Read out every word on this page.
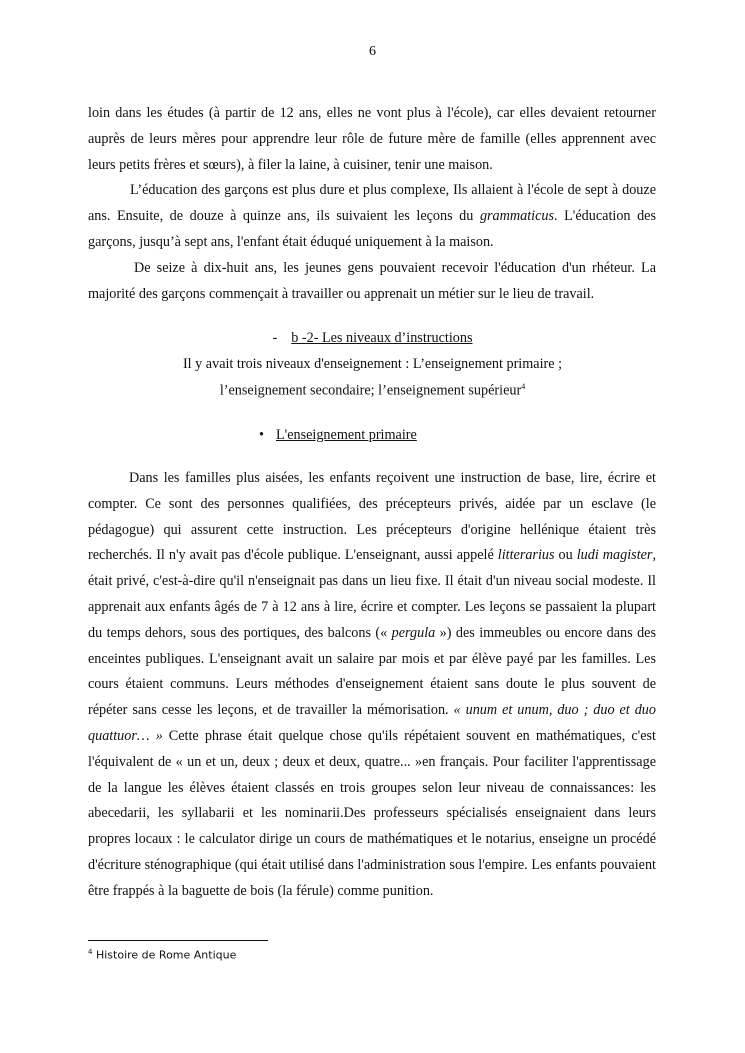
6

loin dans les études (à partir de 12 ans, elles ne vont plus à l'école), car elles devaient retourner auprès de leurs mères pour apprendre leur rôle de future mère de famille (elles apprennent avec leurs petits frères et sœurs), à filer la laine, à cuisiner, tenir une maison.

L’éducation des garçons est plus dure et plus complexe, Ils allaient à l'école de sept à douze ans. Ensuite, de douze à quinze ans, ils suivaient les leçons du grammaticus. L'éducation des garçons, jusqu’à sept ans, l'enfant était éduqué uniquement à la maison.

De seize à dix-huit ans, les jeunes gens pouvaient recevoir l'éducation d'un rhéteur. La majorité des garçons commençait à travailler ou apprenait un métier sur le lieu de travail.

- b -2- Les niveaux d’instructions
Il y avait trois niveaux d'enseignement : L’enseignement primaire ;
l’enseignement secondaire; l’enseignement supérieur$^4$
• L'enseignement primaire

Dans les familles plus aisées, les enfants reçoivent une instruction de base, lire, écrire et compter. Ce sont des personnes qualifiées, des précepteurs privés, aidée par un esclave (le pédagogue) qui assurent cette instruction. Les précepteurs d'origine hellénique étaient très recherchés. Il n'y avait pas d'école publique. L'enseignant, aussi appelé litterarius ou ludi magister, était privé, c'est-à-dire qu'il n'enseignait pas dans un lieu fixe. Il était d'un niveau social modeste. Il apprenait aux enfants âgés de 7 à 12 ans à lire, écrire et compter. Les leçons se passaient la plupart du temps dehors, sous des portiques, des balcons (« pergula ») des immeubles ou encore dans des enceintes publiques. L'enseignant avait un salaire par mois et par élève payé par les familles. Les cours étaient communs. Leurs méthodes d'enseignement étaient sans doute le plus souvent de répéter sans cesse les leçons, et de travailler la mémorisation. « unum et unum, duo ; duo et duo quattuor… » Cette phrase était quelque chose qu'ils répétaient souvent en mathématiques, c'est l'équivalent de « un et un, deux ; deux et deux, quatre... »en français. Pour faciliter l'apprentissage de la langue les élèves étaient classés en trois groupes selon leur niveau de connaissances: les abecedarii, les syllabarii et les nominarii.Des professeurs spécialisés enseignaient dans leurs propres locaux : le calculator dirige un cours de mathématiques et le notarius, enseigne un procédé d'écriture sténographique (qui était utilisé dans l'administration sous l'empire. Les enfants pouvaient être frappés à la baguette de bois (la férule) comme punition.

$^4$ Histoire de Rome Antique
